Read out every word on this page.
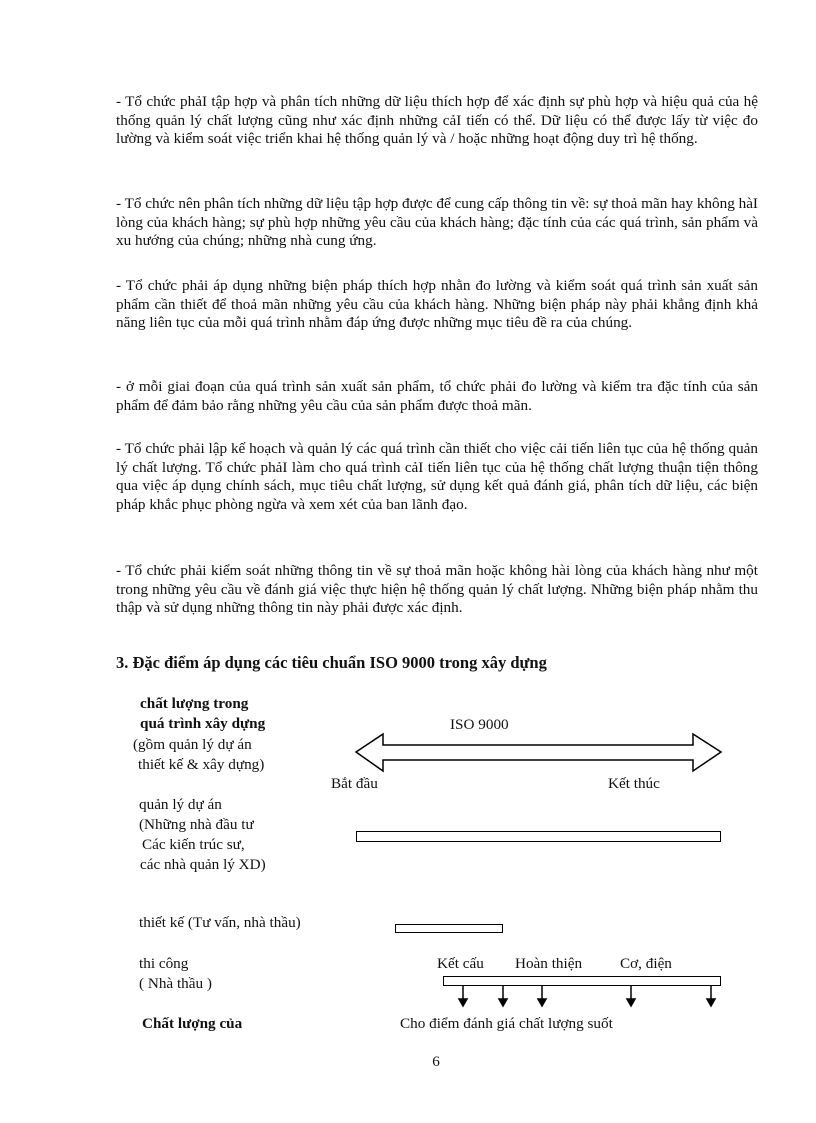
- Tổ chức phảI tập hợp và phân tích những dữ liệu thích hợp để xác định sự phù hợp và hiệu quả của hệ thống quản lý chất lượng cũng như xác định những cảI tiến có thể. Dữ liệu có thể được lấy từ việc đo lường và kiểm soát việc triển khai hệ thống quản lý và / hoặc những hoạt động duy trì hệ thống.

- Tổ chức nên phân tích những dữ liệu tập hợp được để cung cấp thông tin về: sự thoả mãn hay không hàI lòng của khách hàng; sự phù hợp những yêu cầu của khách hàng; đặc tính của các quá trình, sản phẩm và xu hướng của chúng; những nhà cung ứng.

- Tổ chức phải áp dụng những biện pháp thích hợp nhằn đo lường và kiểm soát quá trình sản xuất sản phẩm cần thiết để thoả mãn những yêu cầu của khách hàng. Những biện pháp này phải khẳng định khả năng liên tục của mỗi quá trình nhằm đáp ứng được những mục tiêu đề ra của chúng.

- ở mỗi giai đoạn của quá trình sản xuất sản phẩm, tổ chức phải đo lường và kiểm tra đặc tính của sản phẩm để đảm bảo rằng những yêu cầu của sản phẩm được thoả mãn.

- Tổ chức phải lập kế hoạch và quản lý các quá trình cần thiết cho việc cải tiến liên tục của hệ thống quản lý chất lượng. Tổ chức phảI làm cho quá trình cảI tiến liên tục của hệ thống chất lượng thuận tiện thông qua việc áp dụng chính sách, mục tiêu chất lượng, sử dụng kết quả đánh giá, phân tích dữ liệu, các biện pháp khắc phục phòng ngừa và xem xét của ban lãnh đạo.

- Tổ chức phải kiểm soát những thông tin về sự thoả mãn hoặc không hài lòng của khách hàng như một trong những yêu cầu về đánh giá việc thực hiện hệ thống quản lý chất lượng. Những biện pháp nhằm thu thập và sử dụng những thông tin này phải được xác định.

3. Đặc điểm áp dụng các tiêu chuẩn ISO 9000 trong xây dựng

chất lượng trong

quá trình xây dựng

(gồm quản lý dự án

thiết kế & xây dựng)

ISO 9000

Bắt đầu	Kết thúc

quản lý dự án

(Những nhà đầu tư

Các kiến trúc sư,

các nhà quản lý XD)

thiết kế (Tư vấn, nhà thầu)

thi công

( Nhà thầu )

Kết cấu Hoàn thiện Cơ, điện

Chất lượng của	Cho điểm đánh giá chất lượng suốt

6
